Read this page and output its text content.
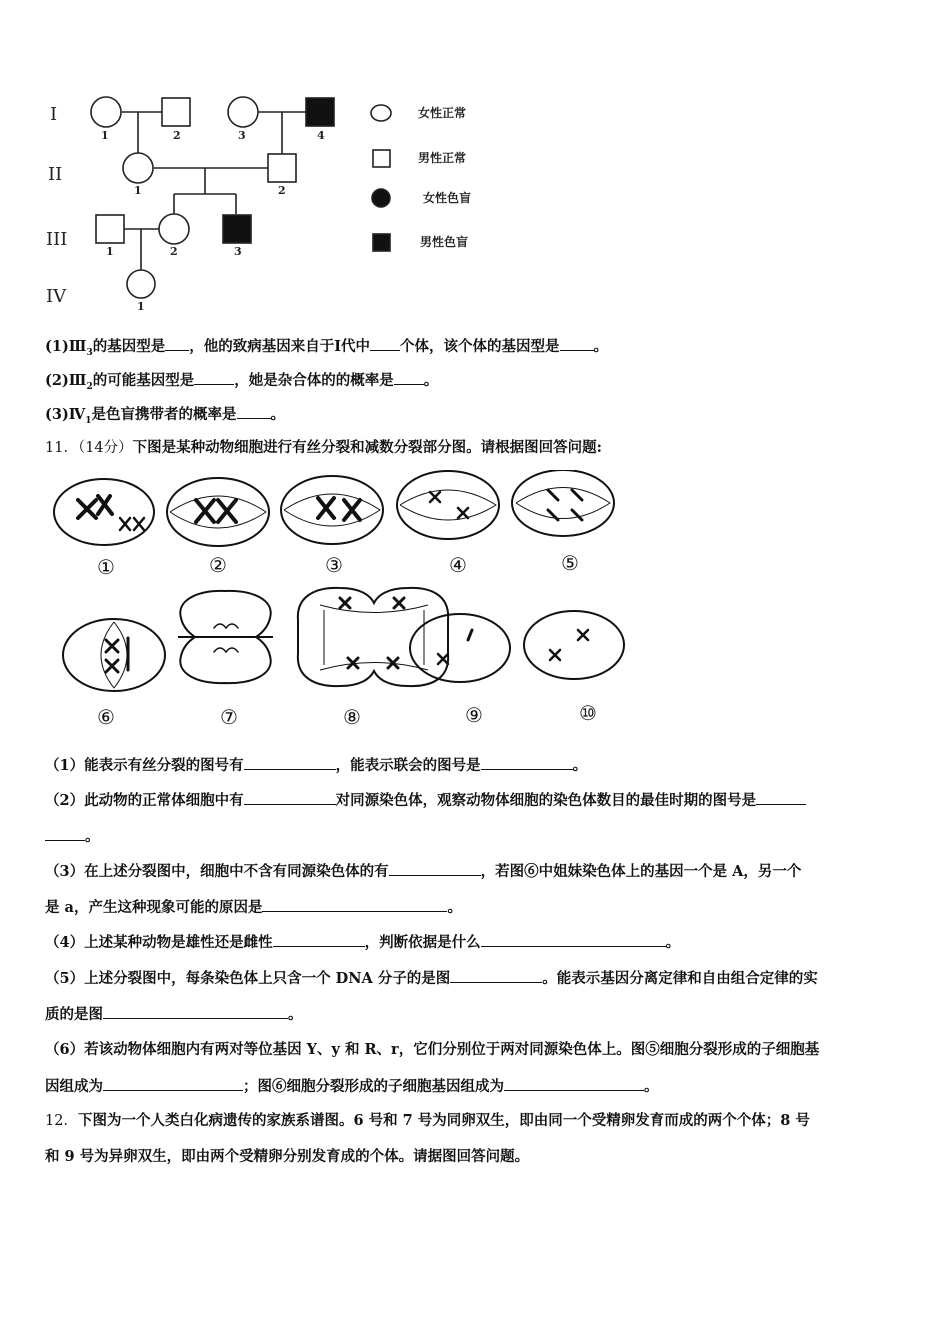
I
II
III
IV
1	2	3	4
1	2
1	2	3
1
女性正常
男性正常
女性色盲
男性色盲
$(1)Ⅲ_3$的基因型是 ，他的致病基因来自于Ⅰ代中 个体，该个体的基因型是 。
$(2)Ⅲ_2$的可能基因型是	，她是杂合体的的概率是 。
$(3)Ⅳ_1$是色盲携带者的概率是 。
11．（14分）下图是某种动物细胞进行有丝分裂和减数分裂部分图。请根据图回答问题:
①	②	③	④	⑤
⑥	⑦	⑧	⑨	⑩
（1）能表示有丝分裂的图号有	，能表示联会的图号是	。
（2）此动物的正常体细胞中有	对同源染色体，观察动物体细胞的染色体数目的最佳时期的图号是
。
（3）在上述分裂图中，细胞中不含有同源染色体的有	，若图⑥中姐妹染色体上的基因一个是 A，另一个
是 a，产生这种现象可能的原因是	。
（4）上述某种动物是雄性还是雌性	，判断依据是什么	。
（5）上述分裂图中，每条染色体上只含一个 DNA 分子的是图	。能表示基因分离定律和自由组合定律的实
质的是图	。
（6）若该动物体细胞内有两对等位基因 Y、y 和 R、r，它们分别位于两对同源染色体上。图⑤细胞分裂形成的子细胞基
因组成为	；图⑥细胞分裂形成的子细胞基因组成为	。
12．下图为一个人类白化病遗传的家族系谱图。6 号和 7 号为同卵双生，即由同一个受精卵发育而成的两个个体；8 号
和 9 号为异卵双生，即由两个受精卵分别发育成的个体。请据图回答问题。
